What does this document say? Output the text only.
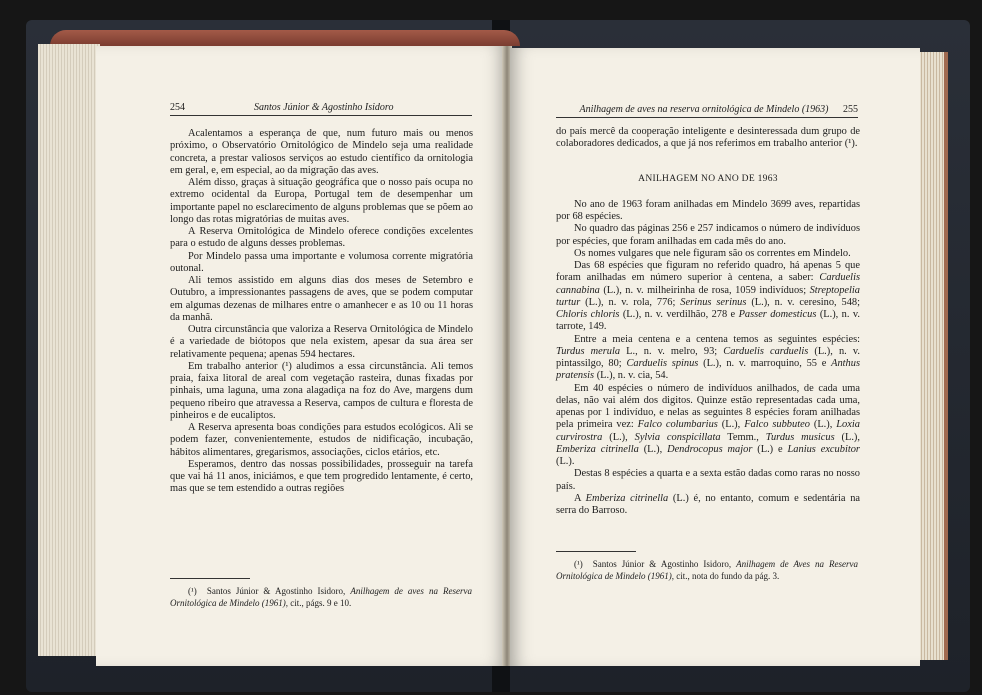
254	Santos Júnior & Agostinho Isidoro

Acalentamos a esperança de que, num futuro mais ou menos próximo, o Observatório Ornitológico de Mindelo seja uma realidade concreta, a prestar valiosos serviços ao estudo científico da ornitologia em geral, e, em especial, ao da migração das aves.

Além disso, graças à situação geográfica que o nosso país ocupa no extremo ocidental da Europa, Portugal tem de desempenhar um importante papel no esclarecimento de alguns problemas que se põem ao longo das rotas migratórias de muitas aves.

A Reserva Ornitológica de Mindelo oferece condições excelentes para o estudo de alguns desses problemas.

Por Mindelo passa uma importante e volumosa corrente migratória outonal.

Ali temos assistido em alguns dias dos meses de Setembro e Outubro, a impressionantes passagens de aves, que se podem computar em algumas dezenas de milhares entre o amanhecer e as 10 ou 11 horas da manhã.

Outra circunstância que valoriza a Reserva Ornitológica de Mindelo é a variedade de biótopos que nela existem, apesar da sua área ser relativamente pequena; apenas 594 hectares.

Em trabalho anterior (¹) aludimos a essa circunstância. Ali temos praia, faixa litoral de areal com vegetação rasteira, dunas fixadas por pinhais, uma laguna, uma zona alagadiça na foz do Ave, margens dum pequeno ribeiro que atravessa a Reserva, campos de cultura e floresta de pinheiros e de eucaliptos.

A Reserva apresenta boas condições para estudos ecológicos. Ali se podem fazer, convenientemente, estudos de nidificação, incubação, hábitos alimentares, gregarismos, associações, ciclos etários, etc.

Esperamos, dentro das nossas possibilidades, prosseguir na tarefa que vai há 11 anos, iniciámos, e que tem progredido lentamente, é certo, mas que se tem estendido a outras regiões

(¹) Santos Júnior & Agostinho Isidoro, Anilhagem de aves na Reserva Ornitológica de Mindelo (1961), cit., págs. 9 e 10.

Anilhagem de aves na reserva ornitológica de Mindelo (1963) 255

do país mercê da cooperação inteligente e desinteressada dum grupo de colaboradores dedicados, a que já nos referimos em trabalho anterior (¹).

ANILHAGEM NO ANO DE 1963

No ano de 1963 foram anilhadas em Mindelo 3699 aves, repartidas por 68 espécies.

No quadro das páginas 256 e 257 indicamos o número de indivíduos por espécies, que foram anilhadas em cada mês do ano.

Os nomes vulgares que nele figuram são os correntes em Mindelo.

Das 68 espécies que figuram no referido quadro, há apenas 5 que foram anilhadas em número superior à centena, a saber: Carduelis cannabina (L.), n. v. milheirinha de rosa, 1059 indivíduos; Streptopelia turtur (L.), n. v. rola, 776; Serinus serinus (L.), n. v. ceresino, 548; Chloris chloris (L.), n. v. verdilhão, 278 e Passer domesticus (L.), n. v. tarrote, 149.

Entre a meia centena e a centena temos as seguintes espécies: Turdus merula L., n. v. melro, 93; Carduelis carduelis (L.), n. v. pintassilgo, 80; Carduelis spinus (L.), n. v. marroquino, 55 e Anthus pratensis (L.), n. v. cia, 54.

Em 40 espécies o número de indivíduos anilhados, de cada uma delas, não vai além dos digitos. Quinze estão representadas cada uma, apenas por 1 indivíduo, e nelas as seguintes 8 espécies foram anilhadas pela primeira vez: Falco columbarius (L.), Falco subbuteo (L.), Loxia curvirostra (L.), Sylvia conspicillata Temm., Turdus musicus (L.), Emberiza citrinella (L.), Dendrocopus major (L.) e Lanius excubitor (L.).

Destas 8 espécies a quarta e a sexta estão dadas como raras no nosso país.

A Emberiza citrinella (L.) é, no entanto, comum e sedentária na serra do Barroso.

(¹) Santos Júnior & Agostinho Isidoro, Anilhagem de Aves na Reserva Ornitológica de Mindelo (1961), cit., nota do fundo da pág. 3.
